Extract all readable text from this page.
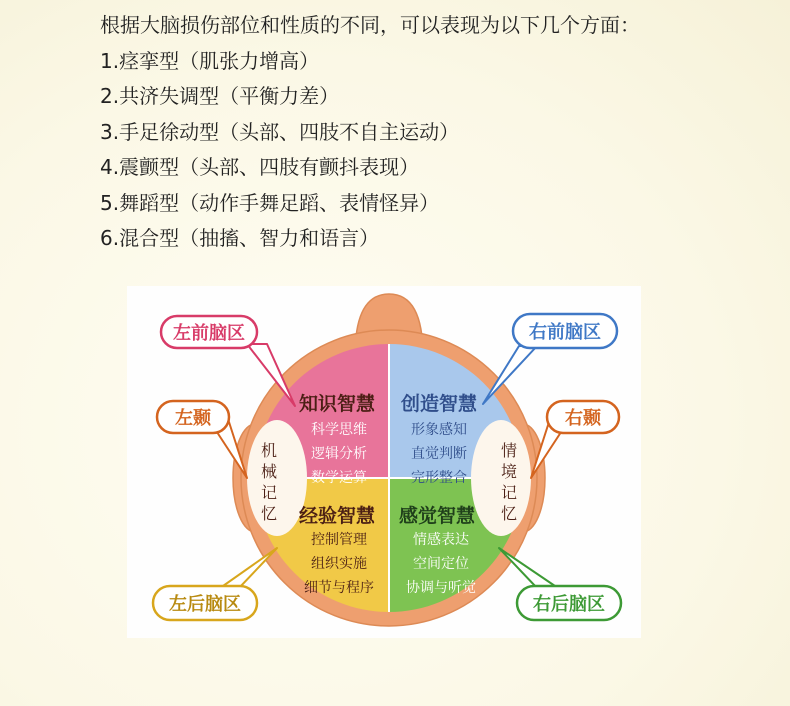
根据大脑损伤部位和性质的不同，可以表现为以下几个方面：
1.痉挛型（肌张力增高）
2.共济失调型（平衡力差）
3.手足徐动型（头部、四肢不自主运动）
4.震颤型（头部、四肢有颤抖表现）
5.舞蹈型（动作手舞足蹈、表情怪异）
6.混合型（抽搐、智力和语言）
机
械
记
忆
情
境
记
忆
知识智慧
科学思维
逻辑分析
数学运算
创造智慧
形象感知
直觉判断
完形整合
经验智慧
控制管理
组织实施
细节与程序
感觉智慧
情感表达
空间定位
协调与听觉
左前脑区	右前脑区
左颞	右颞
左后脑区	右后脑区
